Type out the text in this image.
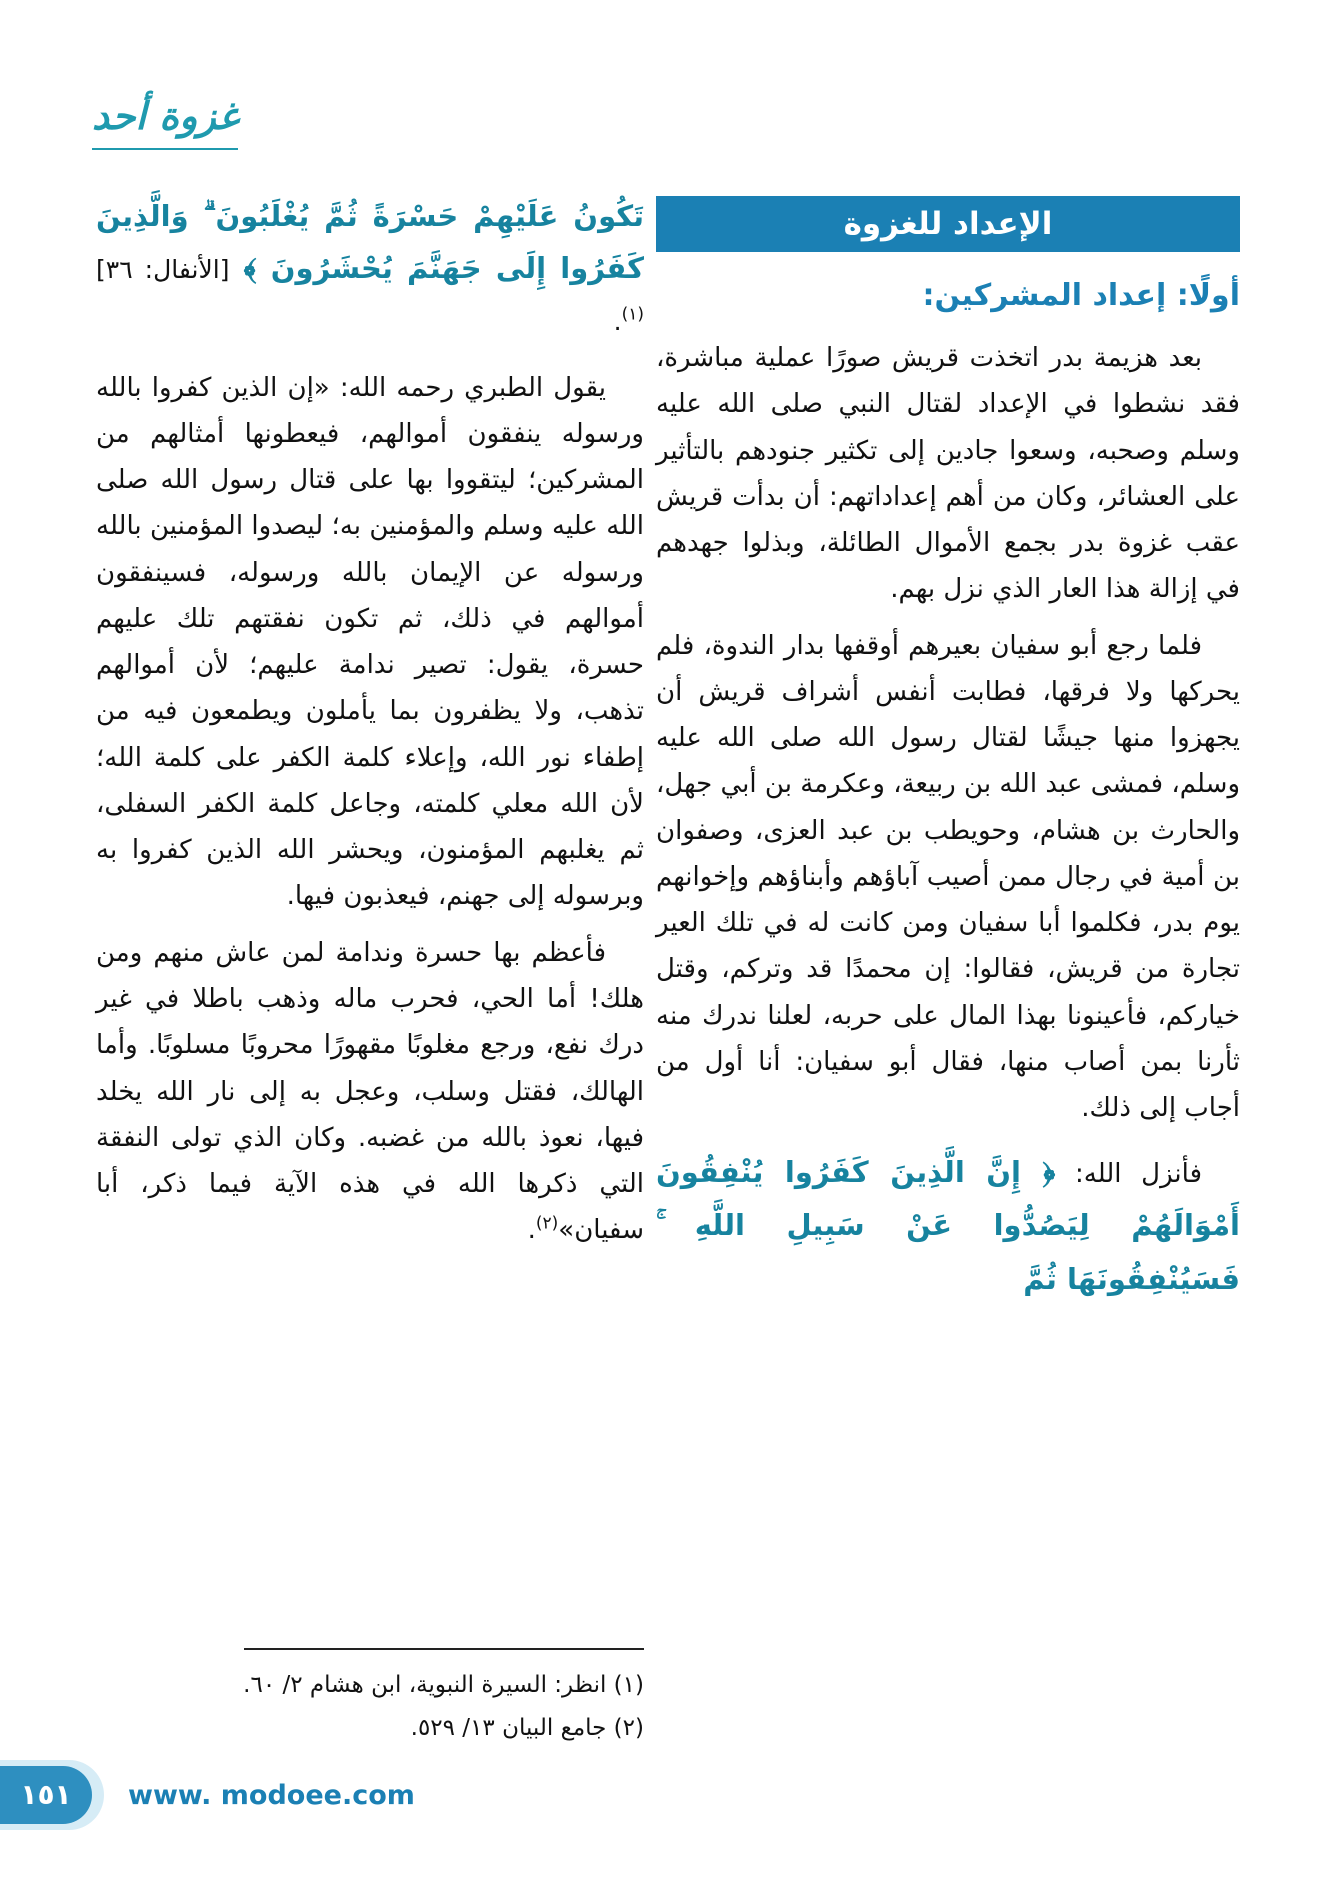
غزوة أحد
الإعداد للغزوة
أولًا: إعداد المشركين:

بعد هزيمة بدر اتخذت قريش صورًا عملية مباشرة، فقد نشطوا في الإعداد لقتال النبي صلى الله عليه وسلم وصحبه، وسعوا جادين إلى تكثير جنودهم بالتأثير على العشائر، وكان من أهم إعداداتهم: أن بدأت قريش عقب غزوة بدر بجمع الأموال الطائلة، وبذلوا جهدهم في إزالة هذا العار الذي نزل بهم.

فلما رجع أبو سفيان بعيرهم أوقفها بدار الندوة، فلم يحركها ولا فرقها، فطابت أنفس أشراف قريش أن يجهزوا منها جيشًا لقتال رسول الله صلى الله عليه وسلم، فمشى عبد الله بن ربيعة، وعكرمة بن أبي جهل، والحارث بن هشام، وحويطب بن عبد العزى، وصفوان بن أمية في رجال ممن أصيب آباؤهم وأبناؤهم وإخوانهم يوم بدر، فكلموا أبا سفيان ومن كانت له في تلك العير تجارة من قريش، فقالوا: إن محمدًا قد وتركم، وقتل خياركم، فأعينونا بهذا المال على حربه، لعلنا ندرك منه ثأرنا بمن أصاب منها، فقال أبو سفيان: أنا أول من أجاب إلى ذلك.

فأنزل الله: ﴿ إِنَّ الَّذِينَ كَفَرُوا يُنْفِقُونَ أَمْوَالَهُمْ لِيَصُدُّوا عَنْ سَبِيلِ اللَّهِ ۚ فَسَيُنْفِقُونَهَا ثُمَّ

تَكُونُ عَلَيْهِمْ حَسْرَةً ثُمَّ يُغْلَبُونَ ۗ وَالَّذِينَ كَفَرُوا إِلَى جَهَنَّمَ يُحْشَرُونَ ﴾ [الأنفال: ٣٦]$^{(١)}$.

يقول الطبري رحمه الله: «إن الذين كفروا بالله ورسوله ينفقون أموالهم، فيعطونها أمثالهم من المشركين؛ ليتقووا بها على قتال رسول الله صلى الله عليه وسلم والمؤمنين به؛ ليصدوا المؤمنين بالله ورسوله عن الإيمان بالله ورسوله، فسينفقون أموالهم في ذلك، ثم تكون نفقتهم تلك عليهم حسرة، يقول: تصير ندامة عليهم؛ لأن أموالهم تذهب، ولا يظفرون بما يأملون ويطمعون فيه من إطفاء نور الله، وإعلاء كلمة الكفر على كلمة الله؛ لأن الله معلي كلمته، وجاعل كلمة الكفر السفلى، ثم يغلبهم المؤمنون، ويحشر الله الذين كفروا به وبرسوله إلى جهنم، فيعذبون فيها.

فأعظم بها حسرة وندامة لمن عاش منهم ومن هلك! أما الحي، فحرب ماله وذهب باطلا في غير درك نفع، ورجع مغلوبًا مقهورًا محروبًا مسلوبًا. وأما الهالك، فقتل وسلب، وعجل به إلى نار الله يخلد فيها، نعوذ بالله من غضبه. وكان الذي تولى النفقة التي ذكرها الله في هذه الآية فيما ذكر، أبا سفيان»$^{(٢)}$.

(١) انظر: السيرة النبوية، ابن هشام ٢/ ٦٠.

(٢) جامع البيان ١٣/ ٥٢٩.

١٥١	www. modoee.com
